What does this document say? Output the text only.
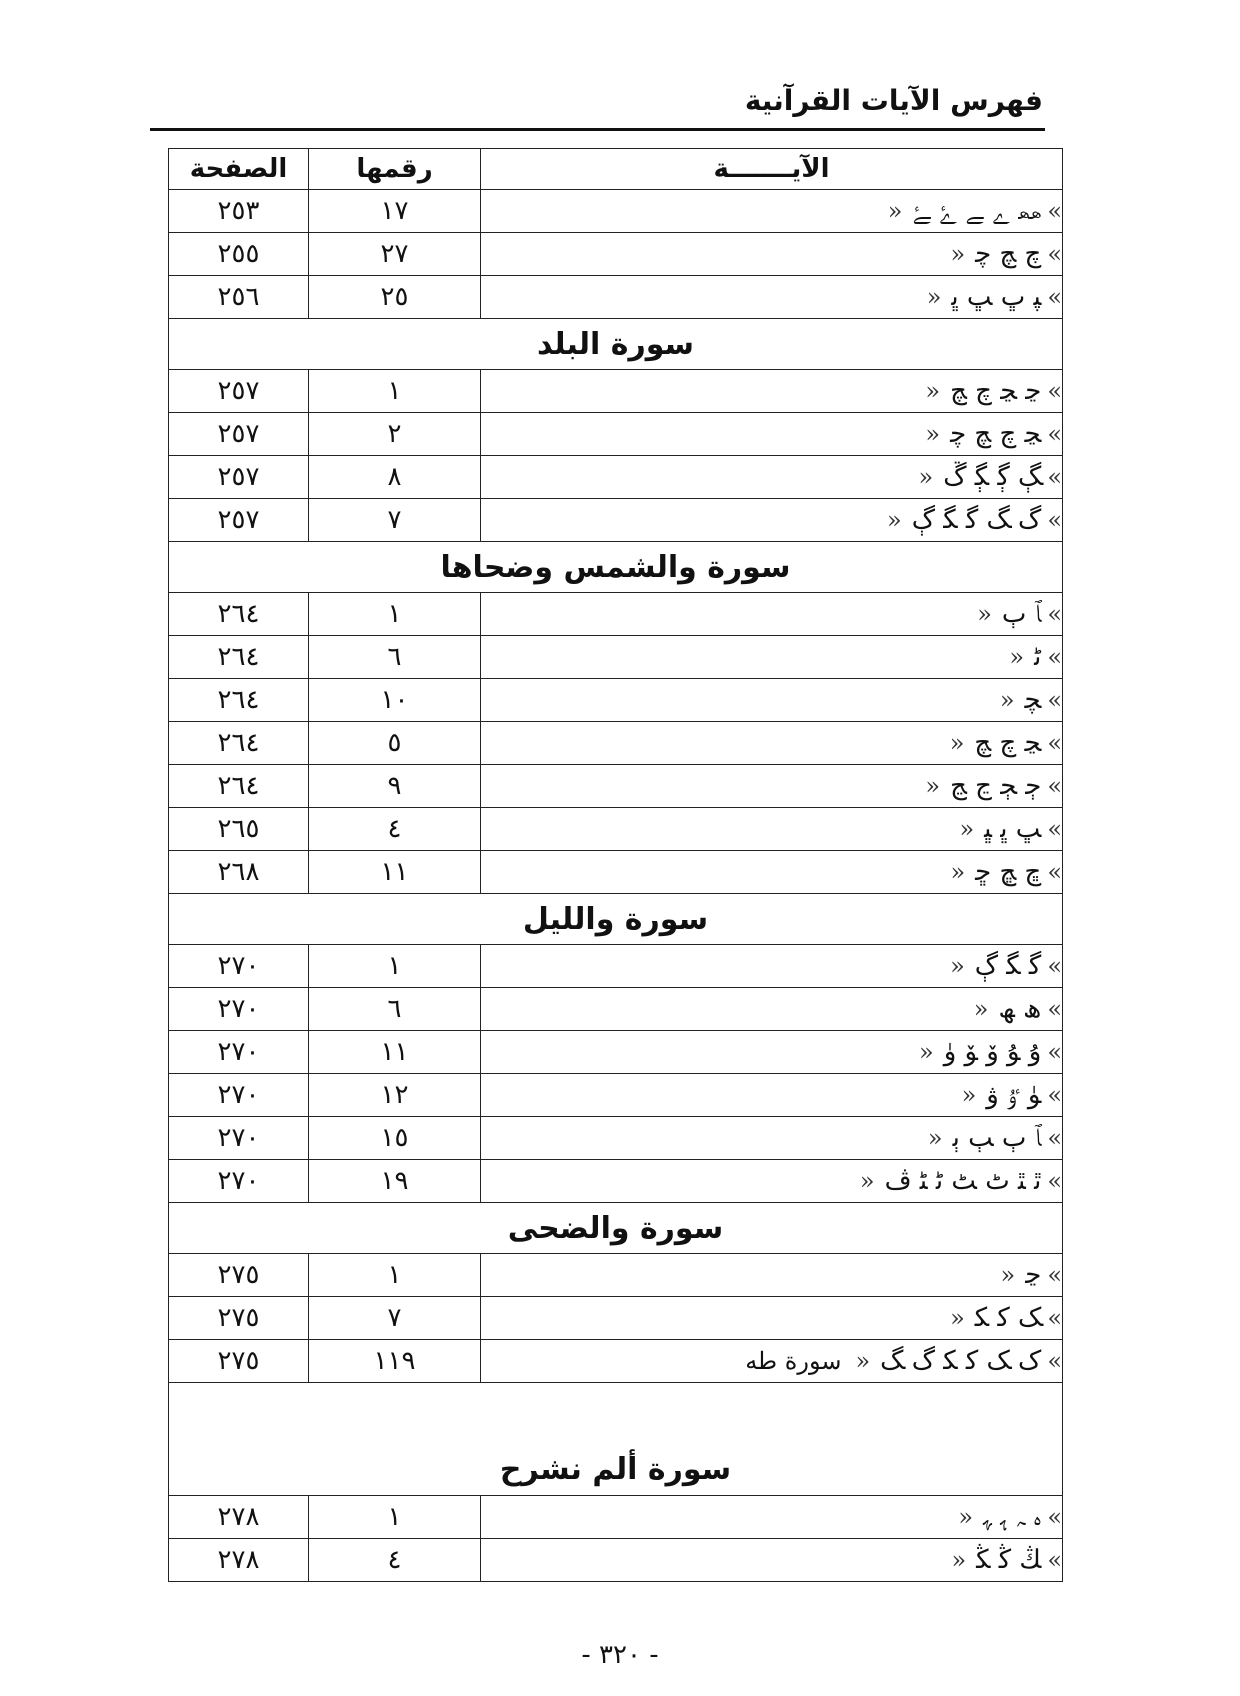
فهرس الآيات القرآنية
الآيـــــــة	رقمها	الصفحة
»ﮬﮭ ﮮ ﮯ ﮰ ﮱ«	١٧	٢٥٣
»ﭺ ﭻ ﭼ«	٢٧	٢٥٥
»ﭙ ﭚ ﭛ ﭜ«	٢٥	٢٥٦
سورة البلد		
»ﭸ ﭹ ﭺ ﭻ«	١	٢٥٧
»ﭹ ﭺ ﭻ ﭼ«	٢	٢٥٧
»ﮗ ﮘ ﮙ ﮚ«	٨	٢٥٧
»ﮒ ﮓ ﮔ ﮕ ﮖ«	٧	٢٥٧
سورة والشمس وضحاها		
»ﭑ ﭒ«	١	٢٦٤
»ﭨ«	٦	٢٦٤
»ﭽ«	١٠	٢٦٤
»ﭹ ﭺ ﭻ«	٥	٢٦٤
»ﭴ ﭵ ﭶ ﭷ«	٩	٢٦٤
»ﭛ ﭜ ﭝ«	٤	٢٦٥
»ﭾ ﭿ ﮀ«	١١	٢٦٨
سورة والليل		
»ﮔ ﮕ ﮖ«	١	٢٧٠
»ﮪ ﮫ«	٦	٢٧٠
»ﯗ ﯘ ﯙ ﯚ ﯛ«	١١	٢٧٠
»ﯜ ﯝ ﯞ«	١٢	٢٧٠
»ﭑ ﭒ ﭓ ﭔ«	١٥	٢٧٠
»ﭤ ﭥ ﭦ ﭧ ﭨ ﭩ ﭪ«	١٩	٢٧٠
سورة والضحى		
»ﭸ«	١	٢٧٥
»ﮏ ﮐ ﮑ«	٧	٢٧٥
»ﮎ ﮏ ﮐ ﮑ ﮒ ﮓ«سورة طه	١١٩	٢٧٥
سورة ألم نشرح		
»ﮦ ﮧ ﮨ ﮩ«	١	٢٧٨
»ﯔ ﯕ ﯖ«	٤	٢٧٨
- ٣٢٠ -
